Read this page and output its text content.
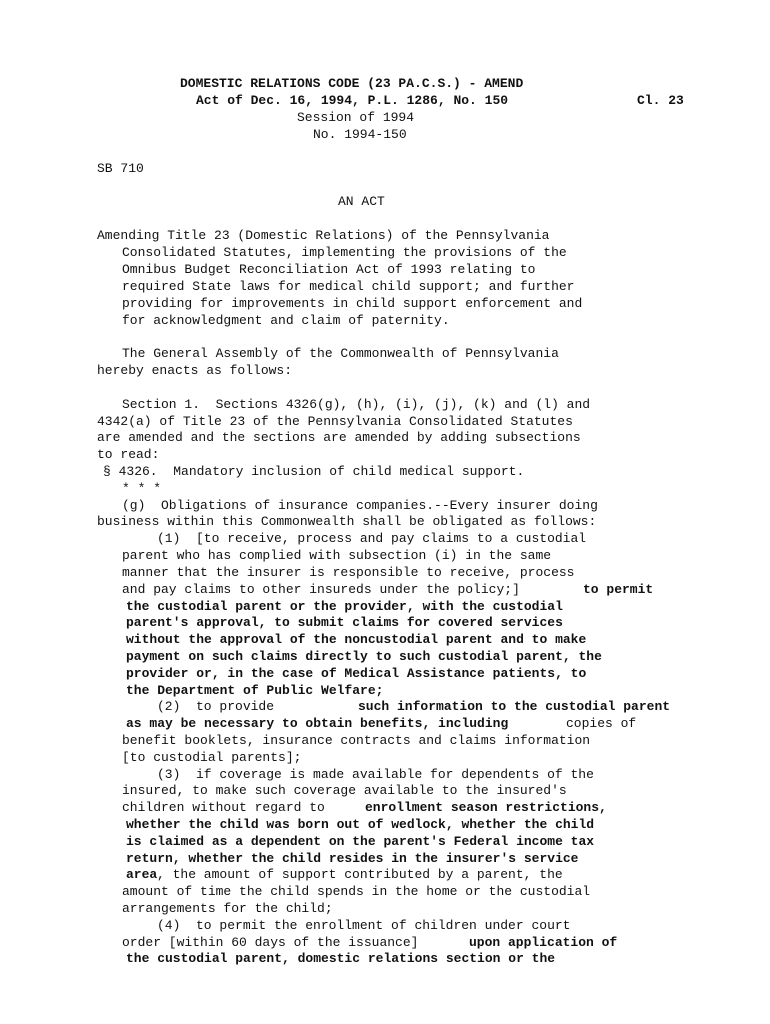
DOMESTIC RELATIONS CODE (23 PA.C.S.) - AMEND
Act of Dec. 16, 1994, P.L. 1286, No. 150	Cl. 23
Session of 1994
No. 1994-150
SB 710
AN ACT
Amending Title 23 (Domestic Relations) of the Pennsylvania
Consolidated Statutes, implementing the provisions of the
Omnibus Budget Reconciliation Act of 1993 relating to
required State laws for medical child support; and further
providing for improvements in child support enforcement and
for acknowledgment and claim of paternity.
The General Assembly of the Commonwealth of Pennsylvania
hereby enacts as follows:
Section 1.  Sections 4326(g), (h), (i), (j), (k) and (l) and
4342(a) of Title 23 of the Pennsylvania Consolidated Statutes
are amended and the sections are amended by adding subsections
to read:
§ 4326.  Mandatory inclusion of child medical support.
* * *
(g)  Obligations of insurance companies.--Every insurer doing
business within this Commonwealth shall be obligated as follows:
(1)  [to receive, process and pay claims to a custodial
parent who has complied with subsection (i) in the same
manner that the insurer is responsible to receive, process
and pay claims to other insureds under the policy;]	to permit
the custodial parent or the provider, with the custodial
parent's approval, to submit claims for covered services
without the approval of the noncustodial parent and to make
payment on such claims directly to such custodial parent, the
provider or, in the case of Medical Assistance patients, to
the Department of Public Welfare;
(2)  to provide	such information to the custodial parent
as may be necessary to obtain benefits, including	copies of
benefit booklets, insurance contracts and claims information
[to custodial parents];
(3)  if coverage is made available for dependents of the
insured, to make such coverage available to the insured's
children without regard to	enrollment season restrictions,
whether the child was born out of wedlock, whether the child
is claimed as a dependent on the parent's Federal income tax
return, whether the child resides in the insurer's service
area , the amount of support contributed by a parent, the
amount of time the child spends in the home or the custodial
arrangements for the child;
(4)  to permit the enrollment of children under court
order [within 60 days of the issuance]	upon application of
the custodial parent, domestic relations section or the
